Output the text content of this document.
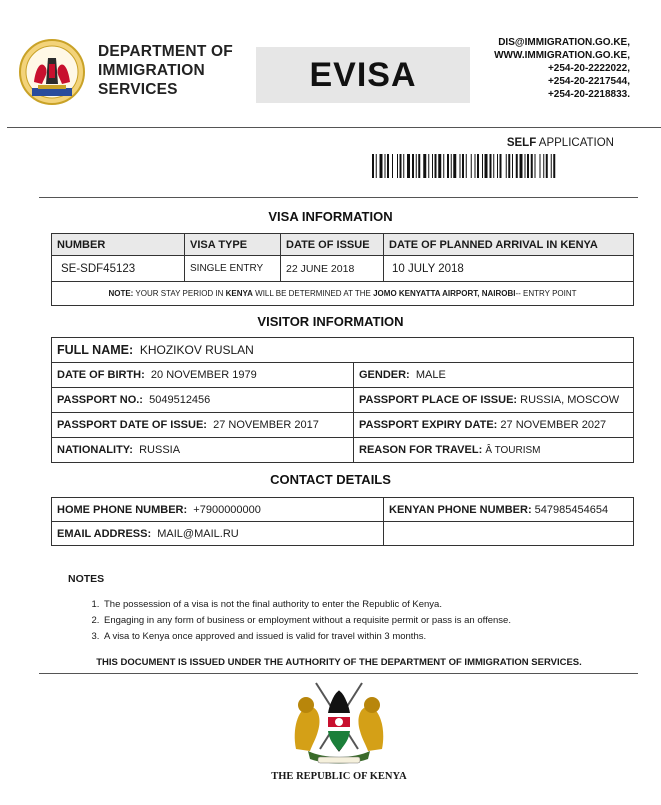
DEPARTMENT OF
IMMIGRATION
SERVICES	EVISA
DIS@IMMIGRATION.GO.KE,
WWW.IMMIGRATION.GO.KE,
+254-20-2222022,
+254-20-2217544,
+254-20-2218833.
SELF APPLICATION
VISA INFORMATION
NUMBER	VISA TYPE	DATE OF ISSUE	DATE OF PLANNED ARRIVAL IN KENYA
SE-SDF45123	SINGLE ENTRY	22 JUNE 2018	10 JULY 2018
NOTE: YOUR STAY PERIOD IN KENYA WILL BE DETERMINED AT THE JOMO KENYATTA AIRPORT, NAIROBI-- ENTRY POINT			
VISITOR INFORMATION
FULL NAME: KHOZIKOV RUSLAN	
DATE OF BIRTH: 20 NOVEMBER 1979	GENDER: MALE
PASSPORT NO.: 5049512456	PASSPORT PLACE OF ISSUE: RUSSIA, MOSCOW
PASSPORT DATE OF ISSUE: 27 NOVEMBER 2017	PASSPORT EXPIRY DATE: 27 NOVEMBER 2027
NATIONALITY: RUSSIA	REASON FOR TRAVEL: Â TOURISM
CONTACT DETAILS
HOME PHONE NUMBER: +7900000000	KENYAN PHONE NUMBER: 547985454654
EMAIL ADDRESS: MAIL@MAIL.RU	
NOTES
1. The possession of a visa is not the final authority to enter the Republic of Kenya.
2. Engaging in any form of business or employment without a requisite permit or pass is an offense.
3. A visa to Kenya once approved and issued is valid for travel within 3 months.
THIS DOCUMENT IS ISSUED UNDER THE AUTHORITY OF THE DEPARTMENT OF IMMIGRATION SERVICES.
THE REPUBLIC OF KENYA
